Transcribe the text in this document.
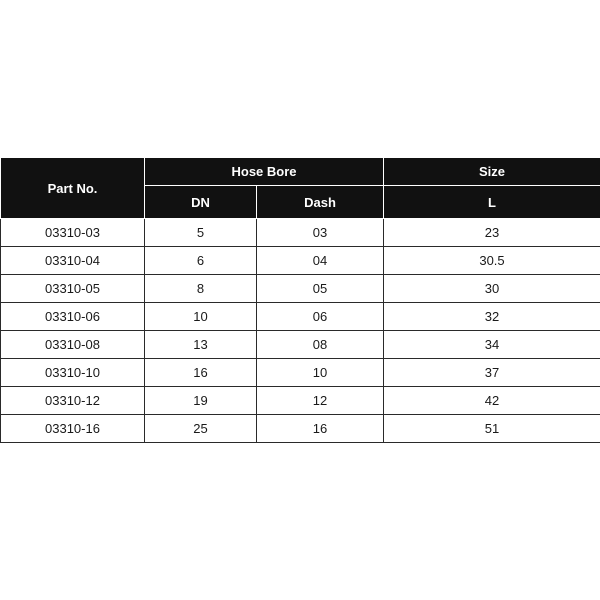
Part No.	Hose Bore		Size
	DN	Dash	L
03310-03	5	03	23
03310-04	6	04	30.5
03310-05	8	05	30
03310-06	10	06	32
03310-08	13	08	34
03310-10	16	10	37
03310-12	19	12	42
03310-16	25	16	51
